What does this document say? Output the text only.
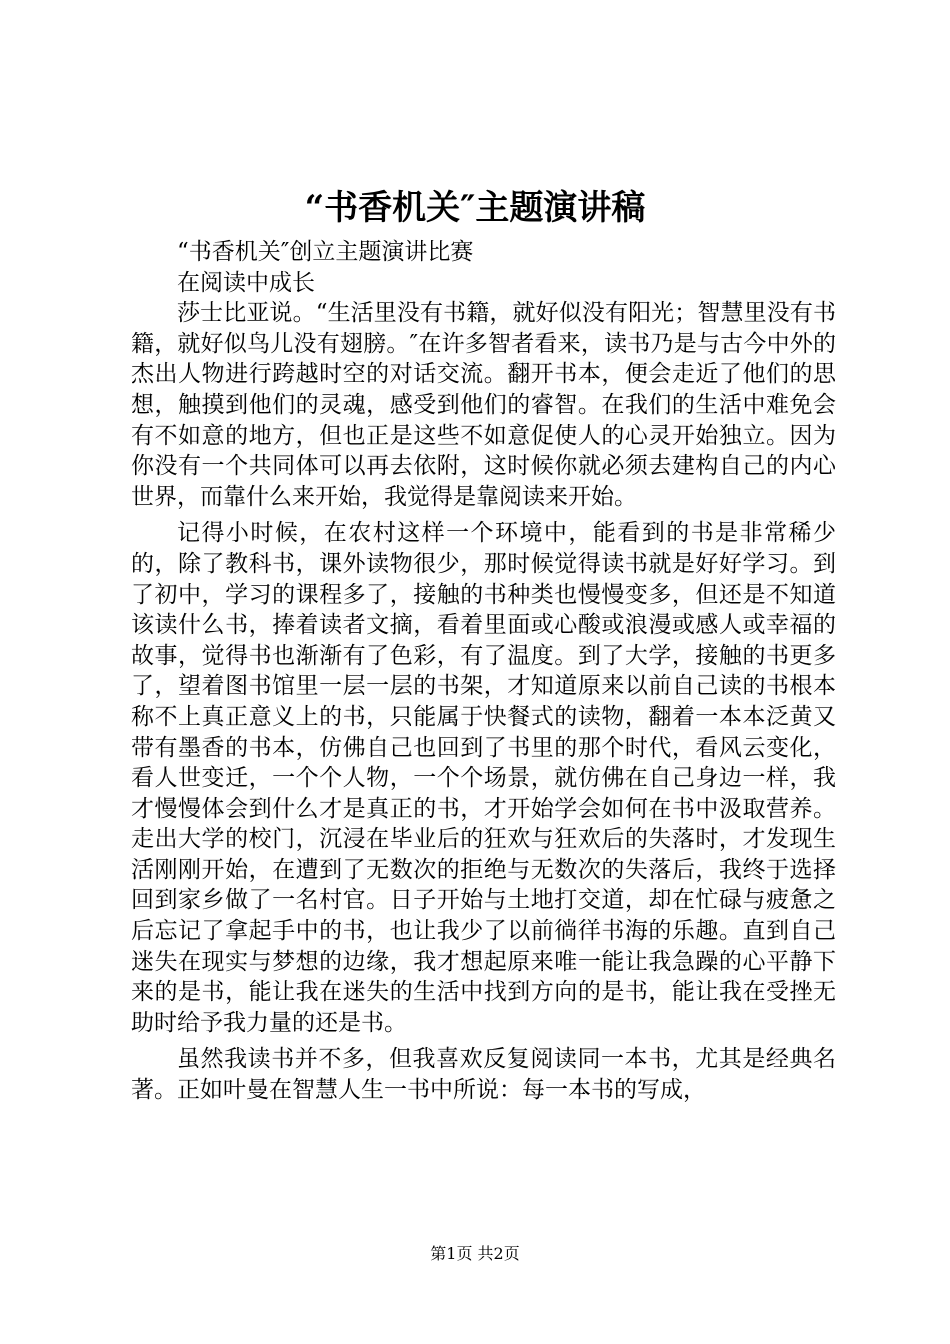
“书香机关″主题演讲稿

“书香机关″创立主题演讲比赛

在阅读中成长

莎士比亚说。“生活里没有书籍，就好似没有阳光；智慧里没有书籍，就好似鸟儿没有翅膀。″在许多智者看来，读书乃是与古今中外的杰出人物进行跨越时空的对话交流。翻开书本，便会走近了他们的思想，触摸到他们的灵魂，感受到他们的睿智。在我们的生活中难免会有不如意的地方，但也正是这些不如意促使人的心灵开始独立。因为你没有一个共同体可以再去依附，这时候你就必须去建构自己的内心世界，而靠什么来开始，我觉得是靠阅读来开始。

记得小时候，在农村这样一个环境中，能看到的书是非常稀少的，除了教科书，课外读物很少，那时候觉得读书就是好好学习。到了初中，学习的课程多了，接触的书种类也慢慢变多，但还是不知道该读什么书，捧着读者文摘，看着里面或心酸或浪漫或感人或幸福的故事，觉得书也渐渐有了色彩，有了温度。到了大学，接触的书更多了，望着图书馆里一层一层的书架，才知道原来以前自己读的书根本称不上真正意义上的书，只能属于快餐式的读物，翻着一本本泛黄又带有墨香的书本，仿佛自己也回到了书里的那个时代，看风云变化，看人世变迁，一个个人物，一个个场景，就仿佛在自己身边一样，我才慢慢体会到什么才是真正的书，才开始学会如何在书中汲取营养。走出大学的校门，沉浸在毕业后的狂欢与狂欢后的失落时，才发现生活刚刚开始，在遭到了无数次的拒绝与无数次的失落后，我终于选择回到家乡做了一名村官。日子开始与土地打交道，却在忙碌与疲惫之后忘记了拿起手中的书，也让我少了以前徜徉书海的乐趣。直到自己迷失在现实与梦想的边缘，我才想起原来唯一能让我急躁的心平静下来的是书，能让我在迷失的生活中找到方向的是书，能让我在受挫无助时给予我力量的还是书。

虽然我读书并不多，但我喜欢反复阅读同一本书，尤其是经典名著。正如叶曼在智慧人生一书中所说：每一本书的写成，

第1页 共2页
